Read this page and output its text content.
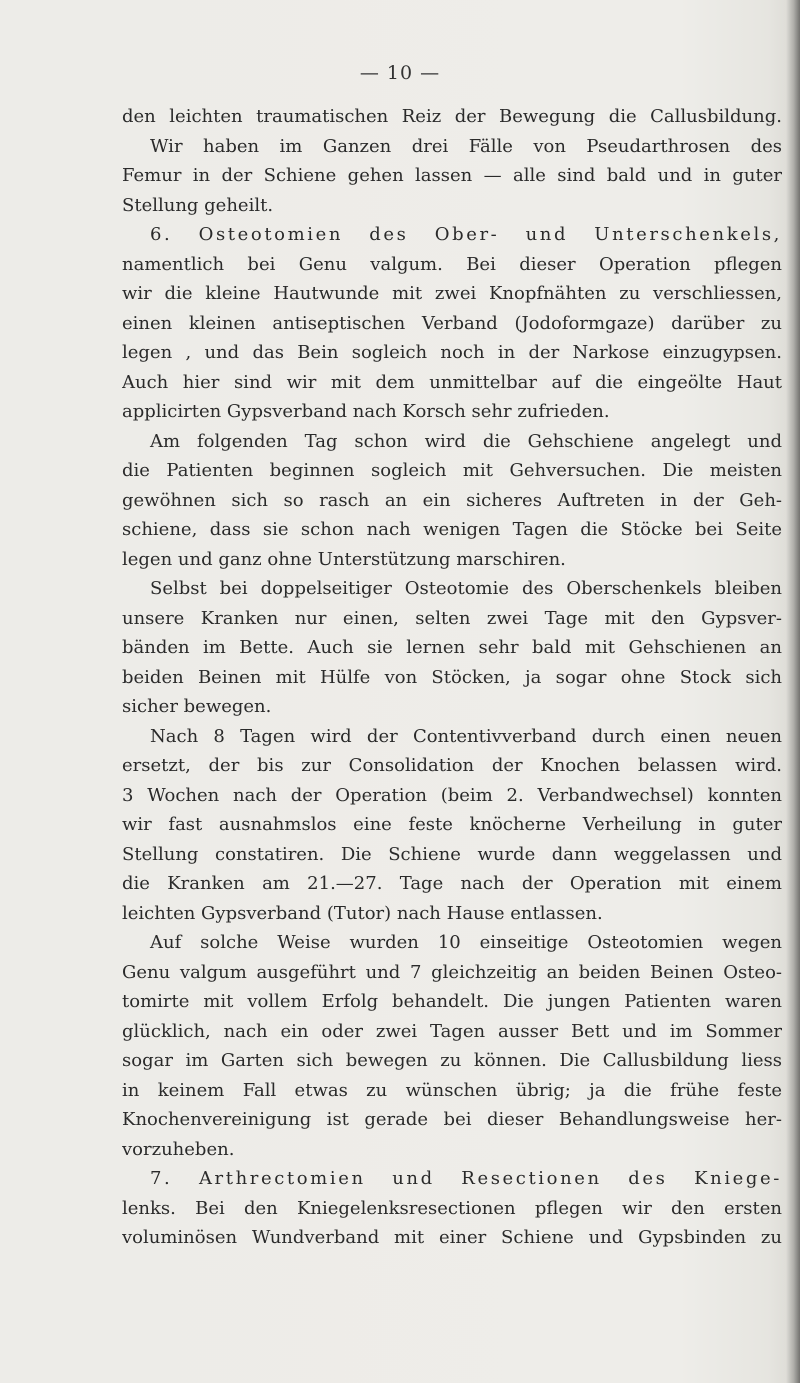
— 10 —
den leichten traumatischen Reiz der Bewegung die Callusbildung.
Wir haben im Ganzen drei Fälle von Pseudarthrosen des
Femur in der Schiene gehen lassen — alle sind bald und in guter
Stellung geheilt.
6. Osteotomien des Ober- und Unterschenkels,
namentlich bei Genu valgum. Bei dieser Operation pflegen
wir die kleine Hautwunde mit zwei Knopfnähten zu verschliessen,
einen kleinen antiseptischen Verband (Jodoformgaze) darüber zu
legen , und das Bein sogleich noch in der Narkose einzugypsen.
Auch hier sind wir mit dem unmittelbar auf die eingeölte Haut
applicirten Gypsverband nach Korsch sehr zufrieden.
Am folgenden Tag schon wird die Gehschiene angelegt und
die Patienten beginnen sogleich mit Gehversuchen. Die meisten
gewöhnen sich so rasch an ein sicheres Auftreten in der Geh-
schiene, dass sie schon nach wenigen Tagen die Stöcke bei Seite
legen und ganz ohne Unterstützung marschiren.
Selbst bei doppelseitiger Osteotomie des Oberschenkels bleiben
unsere Kranken nur einen, selten zwei Tage mit den Gypsver-
bänden im Bette. Auch sie lernen sehr bald mit Gehschienen an
beiden Beinen mit Hülfe von Stöcken, ja sogar ohne Stock sich
sicher bewegen.
Nach 8 Tagen wird der Contentivverband durch einen neuen
ersetzt, der bis zur Consolidation der Knochen belassen wird.
3 Wochen nach der Operation (beim 2. Verbandwechsel) konnten
wir fast ausnahmslos eine feste knöcherne Verheilung in guter
Stellung constatiren. Die Schiene wurde dann weggelassen und
die Kranken am 21.—27. Tage nach der Operation mit einem
leichten Gypsverband (Tutor) nach Hause entlassen.
Auf solche Weise wurden 10 einseitige Osteotomien wegen
Genu valgum ausgeführt und 7 gleichzeitig an beiden Beinen Osteo-
tomirte mit vollem Erfolg behandelt. Die jungen Patienten waren
glücklich, nach ein oder zwei Tagen ausser Bett und im Sommer
sogar im Garten sich bewegen zu können. Die Callusbildung liess
in keinem Fall etwas zu wünschen übrig; ja die frühe feste
Knochenvereinigung ist gerade bei dieser Behandlungsweise her-
vorzuheben.
7. Arthrectomien und Resectionen des Kniege-
lenks. Bei den Kniegelenksresectionen pflegen wir den ersten
voluminösen Wundverband mit einer Schiene und Gypsbinden zu
